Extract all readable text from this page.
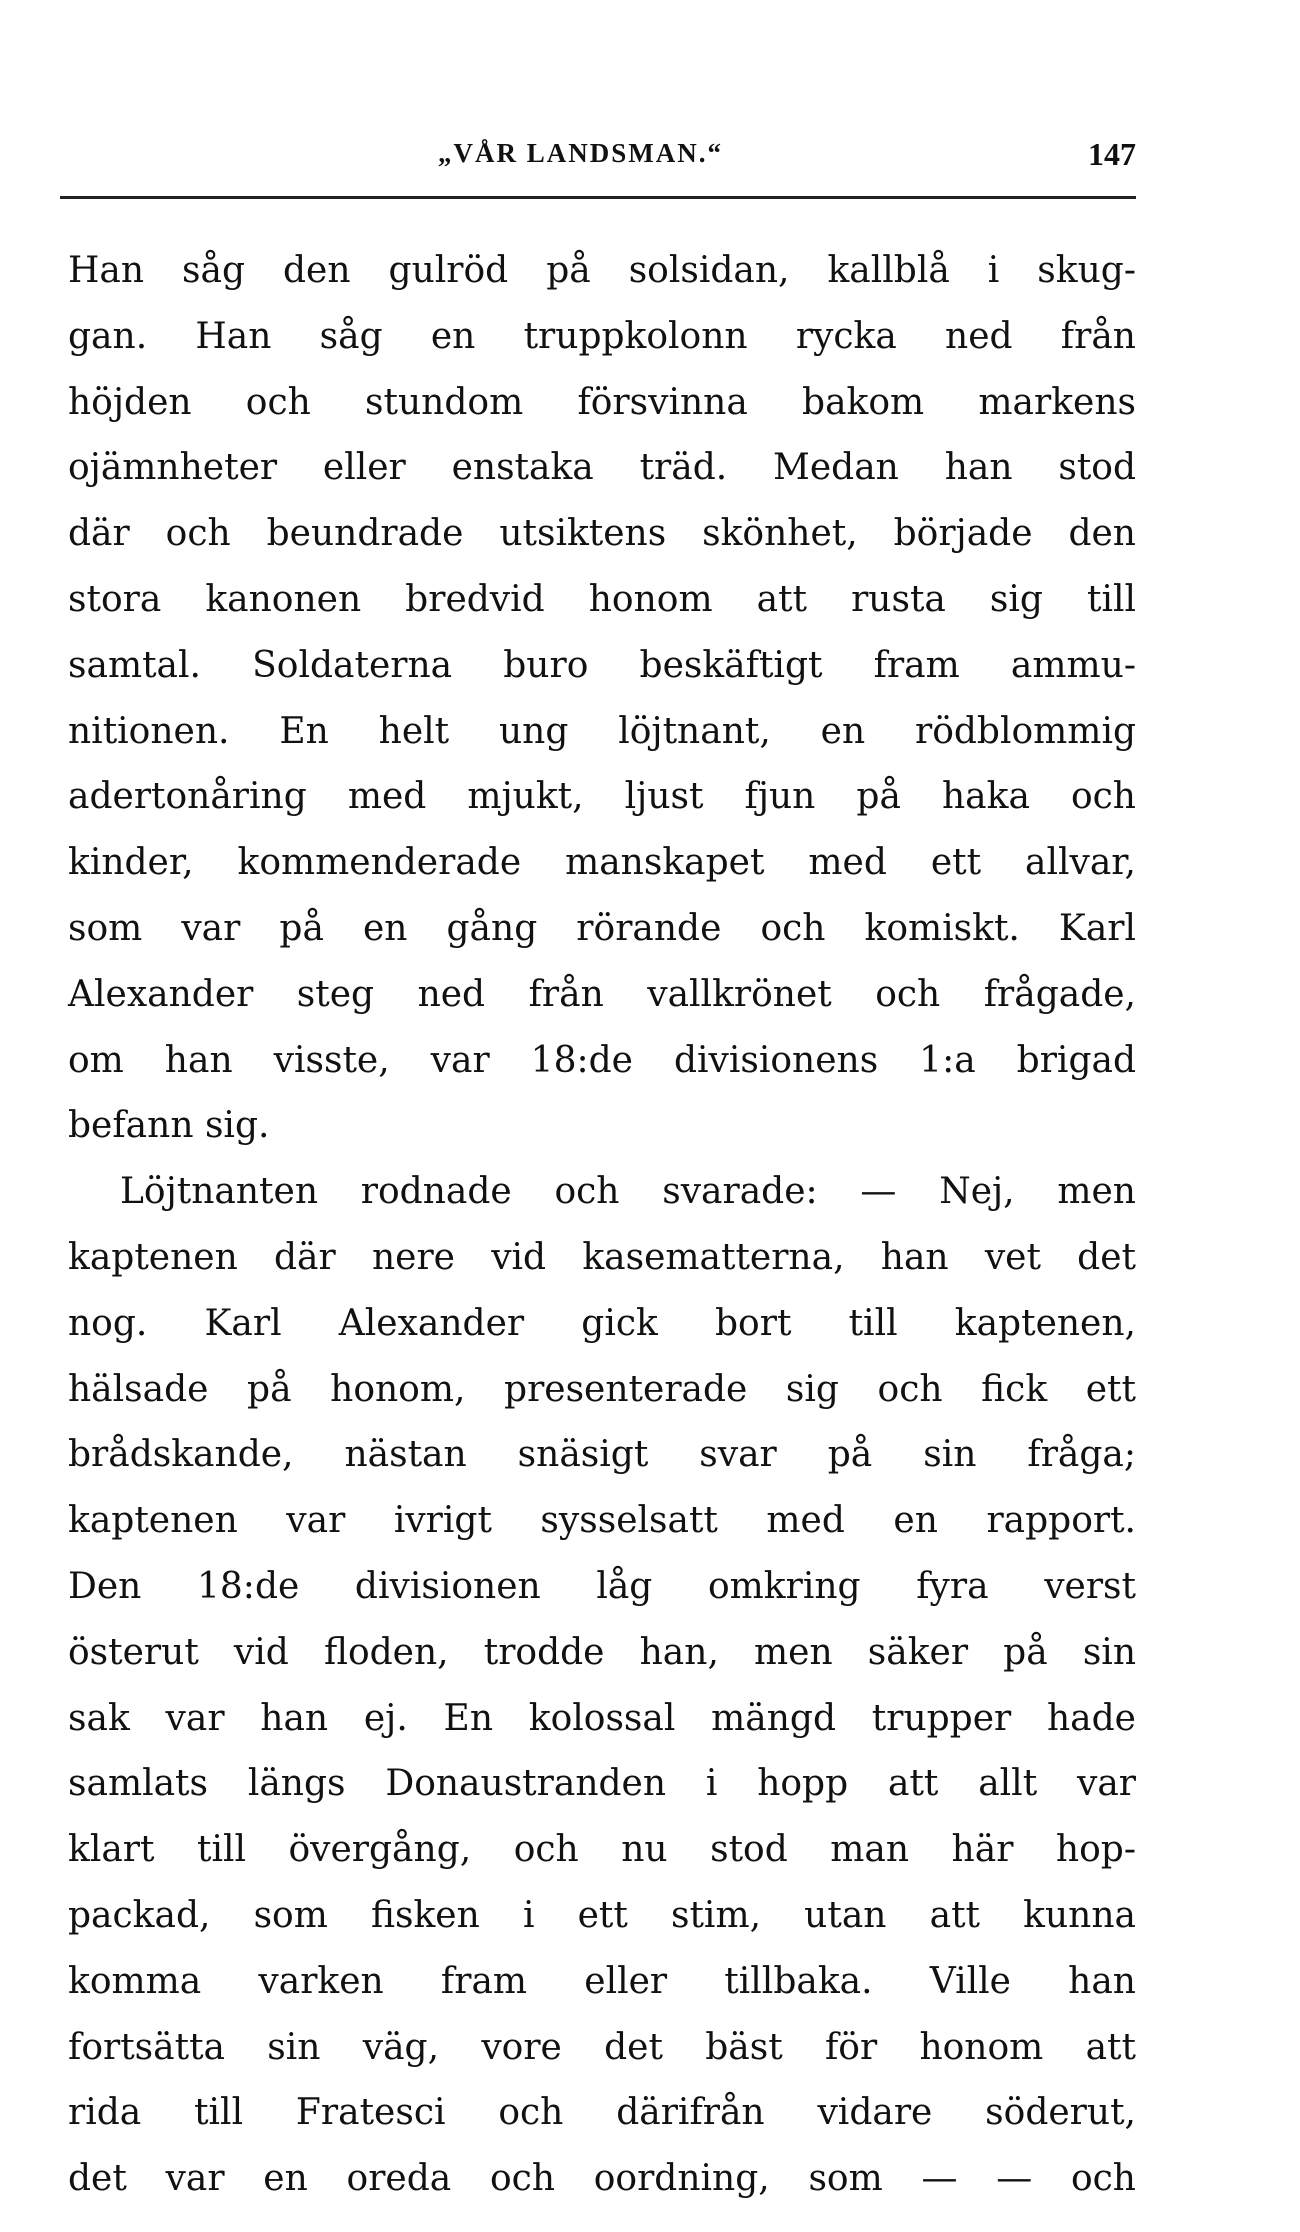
„VÅR LANDSMAN.“	147

Han såg den gulröd på solsidan, kallblå i skug-
gan. Han såg en truppkolonn rycka ned från
höjden och stundom försvinna bakom markens
ojämnheter eller enstaka träd. Medan han stod
där och beundrade utsiktens skönhet, började den
stora kanonen bredvid honom att rusta sig till
samtal. Soldaterna buro beskäftigt fram ammu-
nitionen. En helt ung löjtnant, en rödblommig
adertonåring med mjukt, ljust fjun på haka och
kinder, kommenderade manskapet med ett allvar,
som var på en gång rörande och komiskt. Karl
Alexander steg ned från vallkrönet och frågade,
om han visste, var 18:de divisionens 1:a brigad
befann sig.

Löjtnanten rodnade och svarade: — Nej, men
kaptenen där nere vid kasematterna, han vet det
nog. Karl Alexander gick bort till kaptenen,
hälsade på honom, presenterade sig och fick ett
brådskande, nästan snäsigt svar på sin fråga;
kaptenen var ivrigt sysselsatt med en rapport.
Den 18:de divisionen låg omkring fyra verst
österut vid floden, trodde han, men säker på sin
sak var han ej. En kolossal mängd trupper hade
samlats längs Donaustranden i hopp att allt var
klart till övergång, och nu stod man här hop-
packad, som fisken i ett stim, utan att kunna
komma varken fram eller tillbaka. Ville han
fortsätta sin väg, vore det bäst för honom att
rida till Fratesci och därifrån vidare söderut,
det var en oreda och oordning, som — — och
